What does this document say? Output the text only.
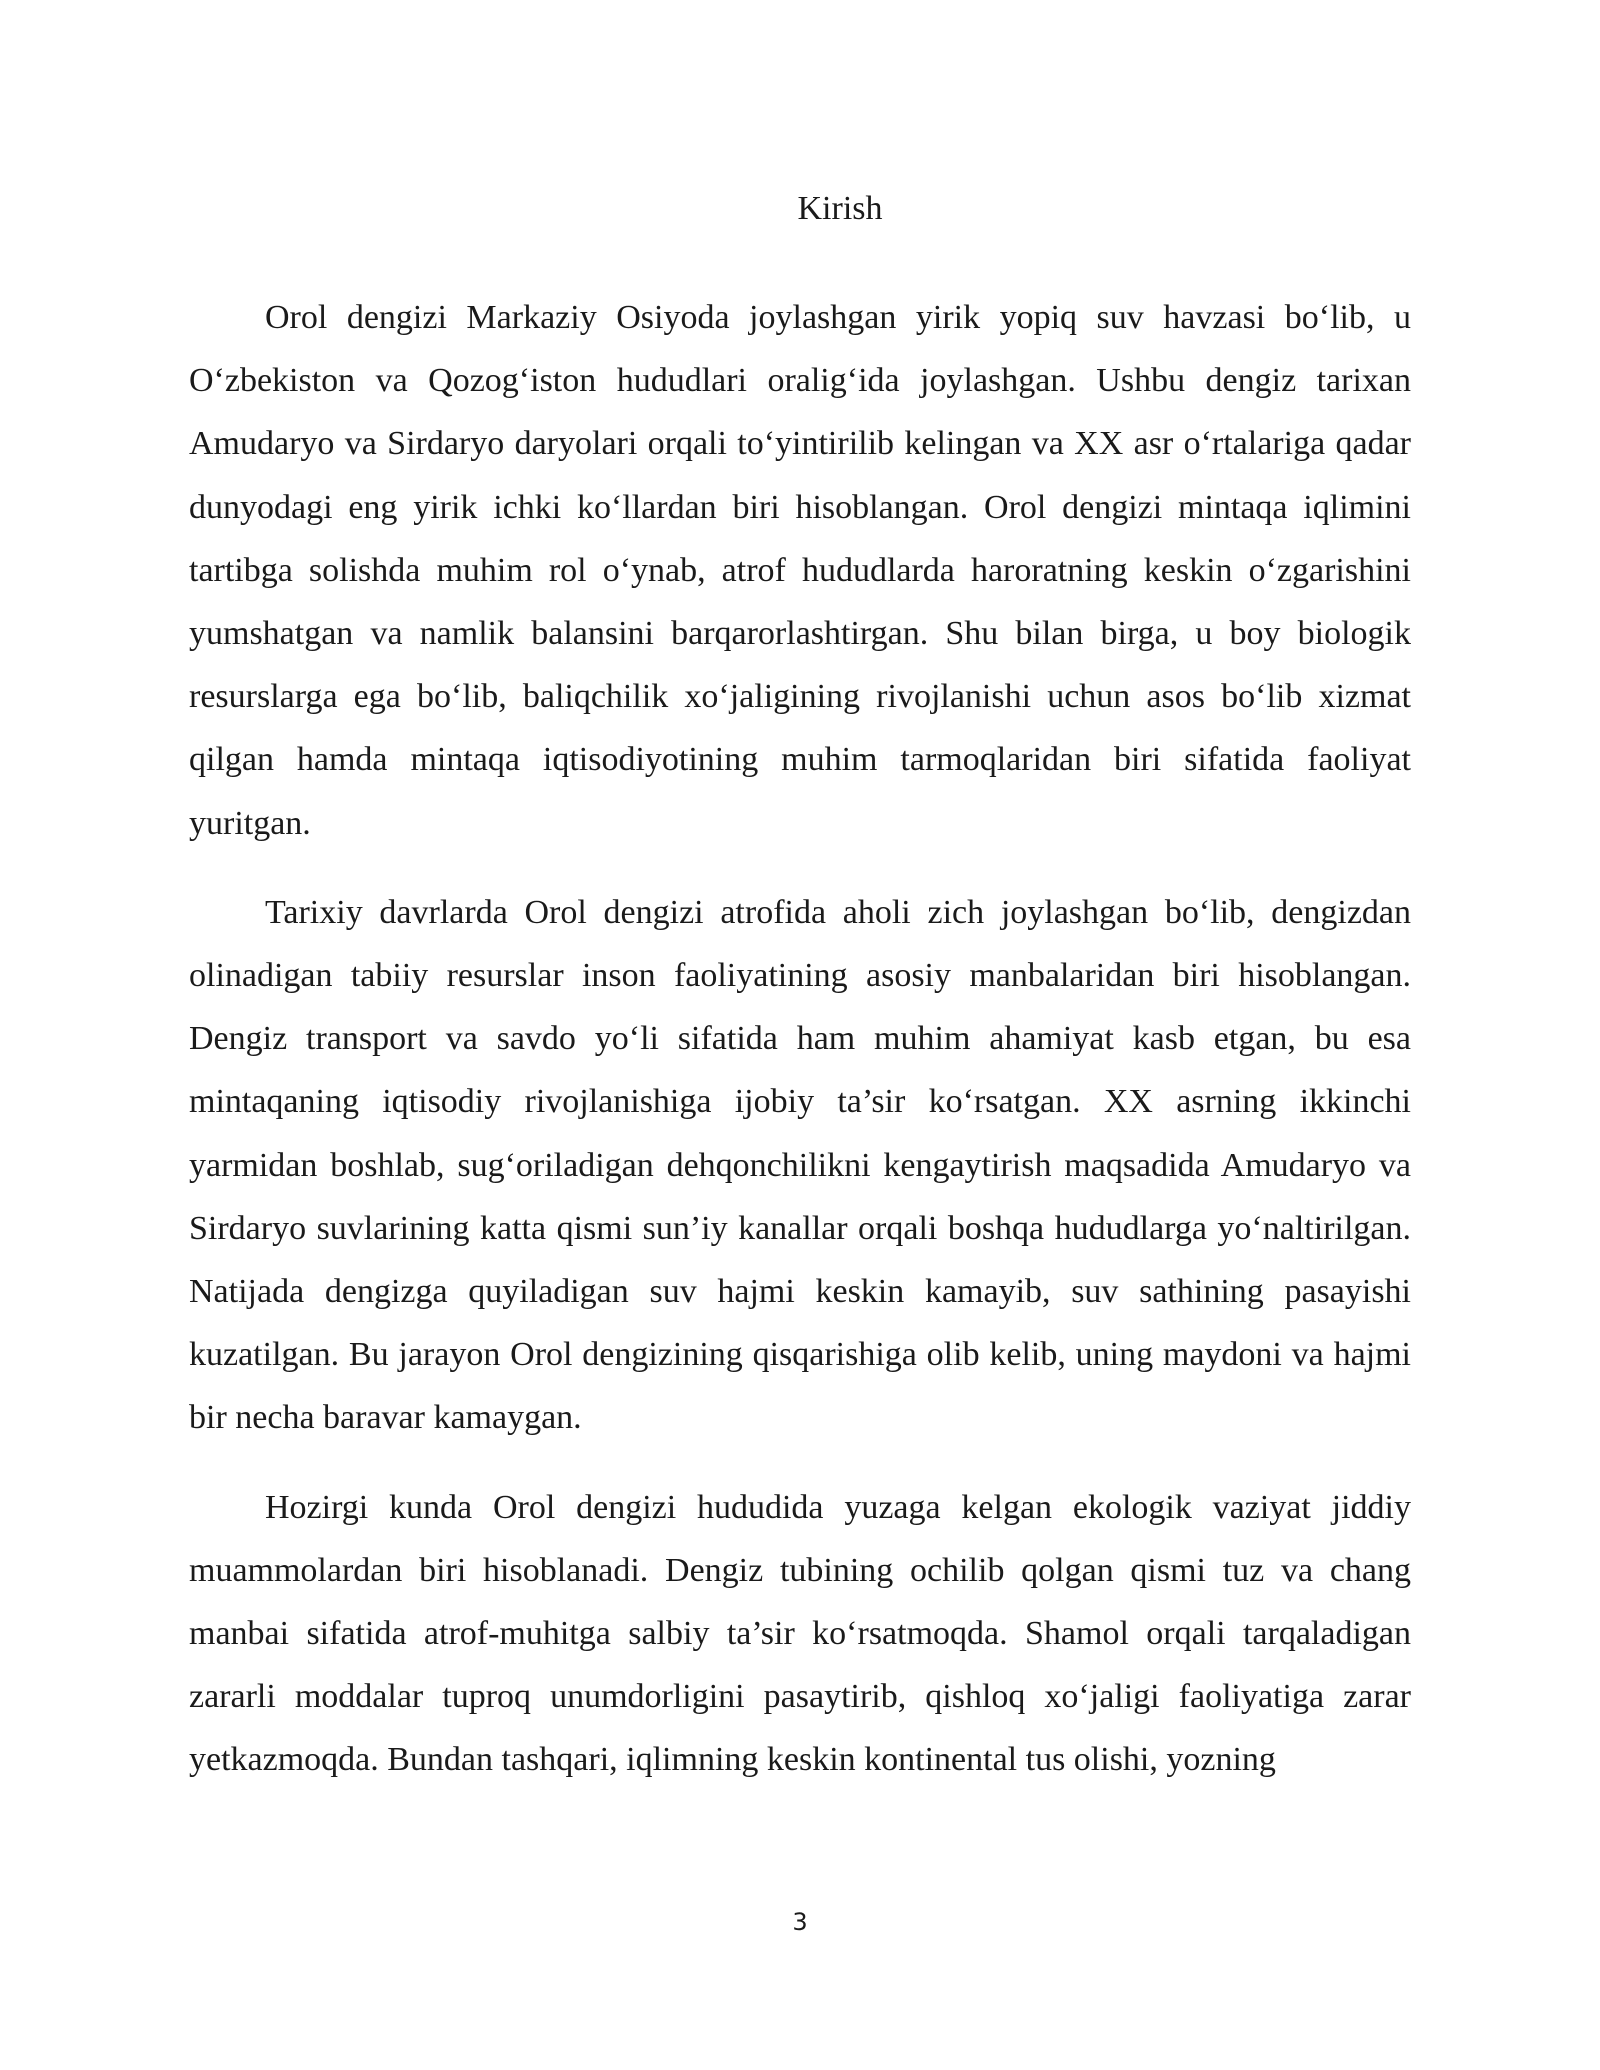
Kirish

Orol dengizi Markaziy Osiyoda joylashgan yirik yopiq suv havzasi bo‘lib, u O‘zbekiston va Qozog‘iston hududlari oralig‘ida joylashgan. Ushbu dengiz tarixan Amudaryo va Sirdaryo daryolari orqali to‘yintirilib kelingan va XX asr o‘rtalariga qadar dunyodagi eng yirik ichki ko‘llardan biri hisoblangan. Orol dengizi mintaqa iqlimini tartibga solishda muhim rol o‘ynab, atrof hududlarda haroratning keskin o‘zgarishini yumshatgan va namlik balansini barqarorlashtirgan. Shu bilan birga, u boy biologik resurslarga ega bo‘lib, baliqchilik xo‘jaligining rivojlanishi uchun asos bo‘lib xizmat qilgan hamda mintaqa iqtisodiyotining muhim tarmoqlaridan biri sifatida faoliyat yuritgan.

Tarixiy davrlarda Orol dengizi atrofida aholi zich joylashgan bo‘lib, dengizdan olinadigan tabiiy resurslar inson faoliyatining asosiy manbalaridan biri hisoblangan. Dengiz transport va savdo yo‘li sifatida ham muhim ahamiyat kasb etgan, bu esa mintaqaning iqtisodiy rivojlanishiga ijobiy ta’sir ko‘rsatgan. XX asrning ikkinchi yarmidan boshlab, sug‘oriladigan dehqonchilikni kengaytirish maqsadida Amudaryo va Sirdaryo suvlarining katta qismi sun’iy kanallar orqali boshqa hududlarga yo‘naltirilgan. Natijada dengizga quyiladigan suv hajmi keskin kamayib, suv sathining pasayishi kuzatilgan. Bu jarayon Orol dengizining qisqarishiga olib kelib, uning maydoni va hajmi bir necha baravar kamaygan.

Hozirgi kunda Orol dengizi hududida yuzaga kelgan ekologik vaziyat jiddiy muammolardan biri hisoblanadi. Dengiz tubining ochilib qolgan qismi tuz va chang manbai sifatida atrof-muhitga salbiy ta’sir ko‘rsatmoqda. Shamol orqali tarqaladigan zararli moddalar tuproq unumdorligini pasaytirib, qishloq xo‘jaligi faoliyatiga zarar yetkazmoqda. Bundan tashqari, iqlimning keskin kontinental tus olishi, yozning

3
